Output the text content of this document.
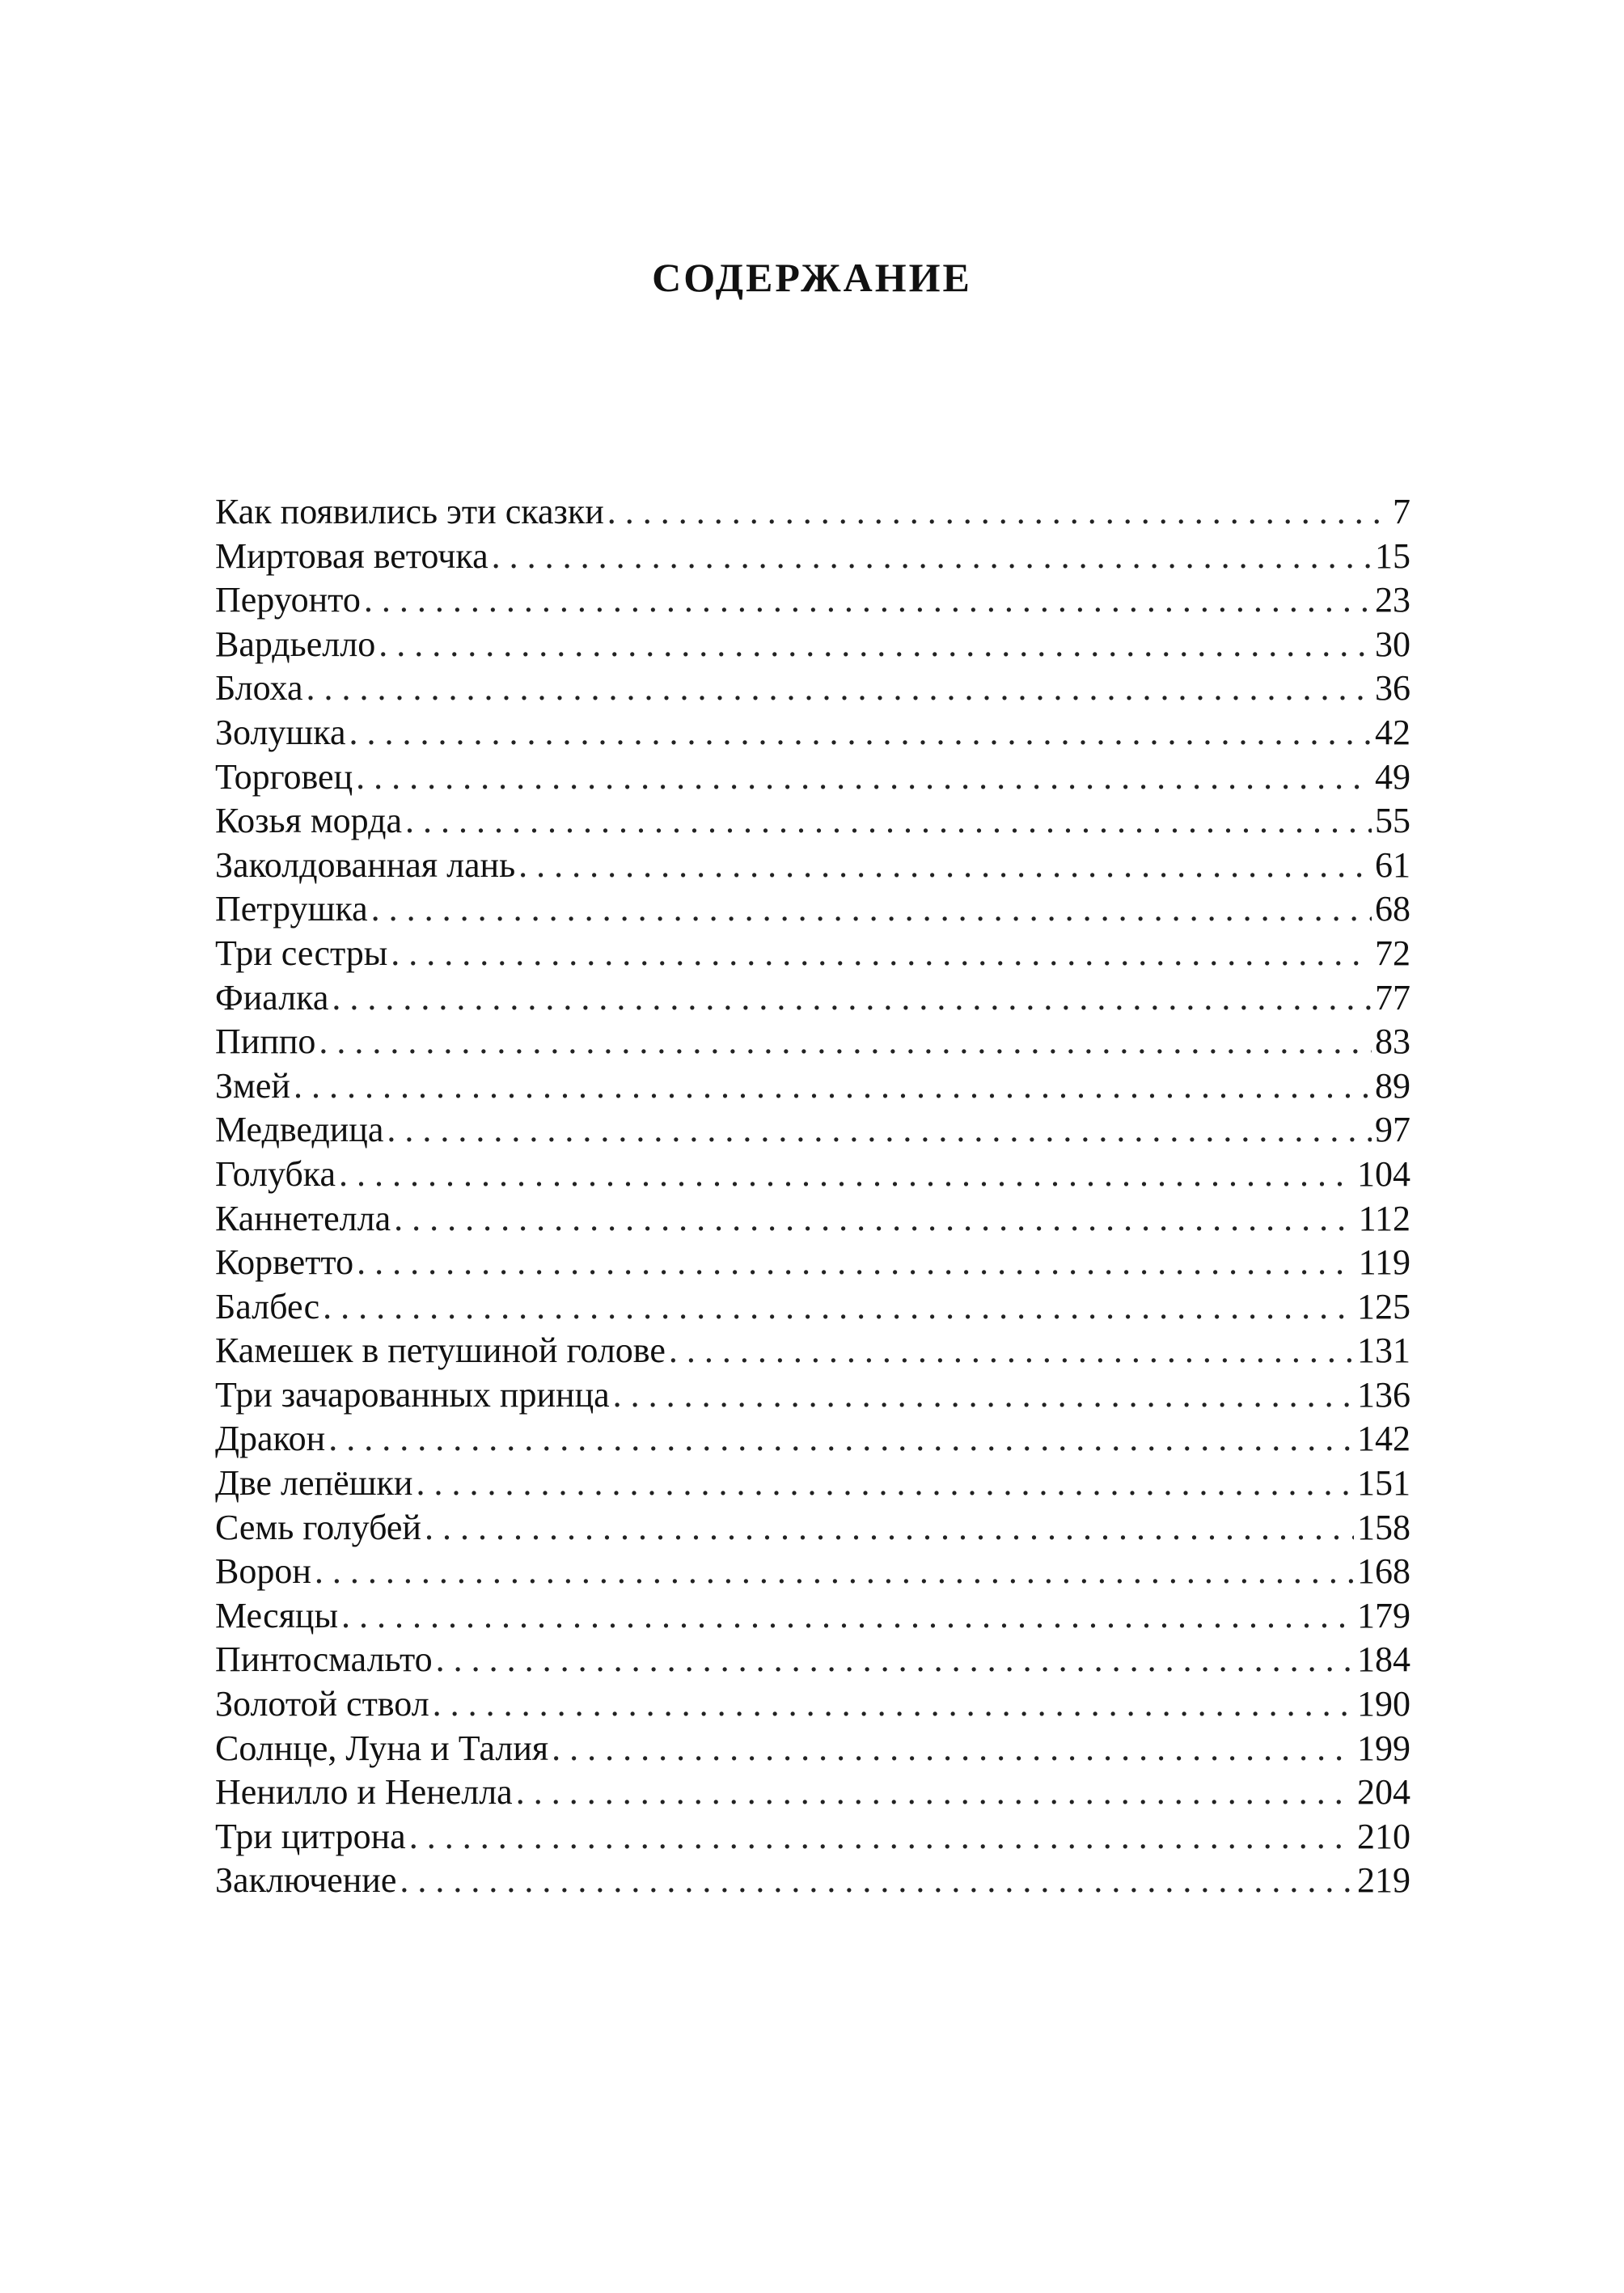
СОДЕРЖАНИЕ
Как появились эти сказки . . .	7
Миртовая веточка . . .	15
Перуонто . . .	23
Вардьелло . . .	30
Блоха . . .	36
Золушка . . .	42
Торговец . . .	49
Козья морда . . .	55
Заколдованная лань . . .	61
Петрушка . . .	68
Три сестры . . .	72
Фиалка . . .	77
Пиппо . . .	83
Змей . . .	89
Медведица . . .	97
Голубка . . .	104
Каннетелла . . .	112
Корветто . . .	119
Балбес . . .	125
Камешек в петушиной голове . . .	131
Три зачарованных принца . . .	136
Дракон . . .	142
Две лепёшки . . .	151
Семь голубей . . .	158
Ворон . . .	168
Месяцы . . .	179
Пинтосмальто . . .	184
Золотой ствол . . .	190
Солнце, Луна и Талия . . .	199
Ненилло и Ненелла . . .	204
Три цитрона . . .	210
Заключение . . .	219
